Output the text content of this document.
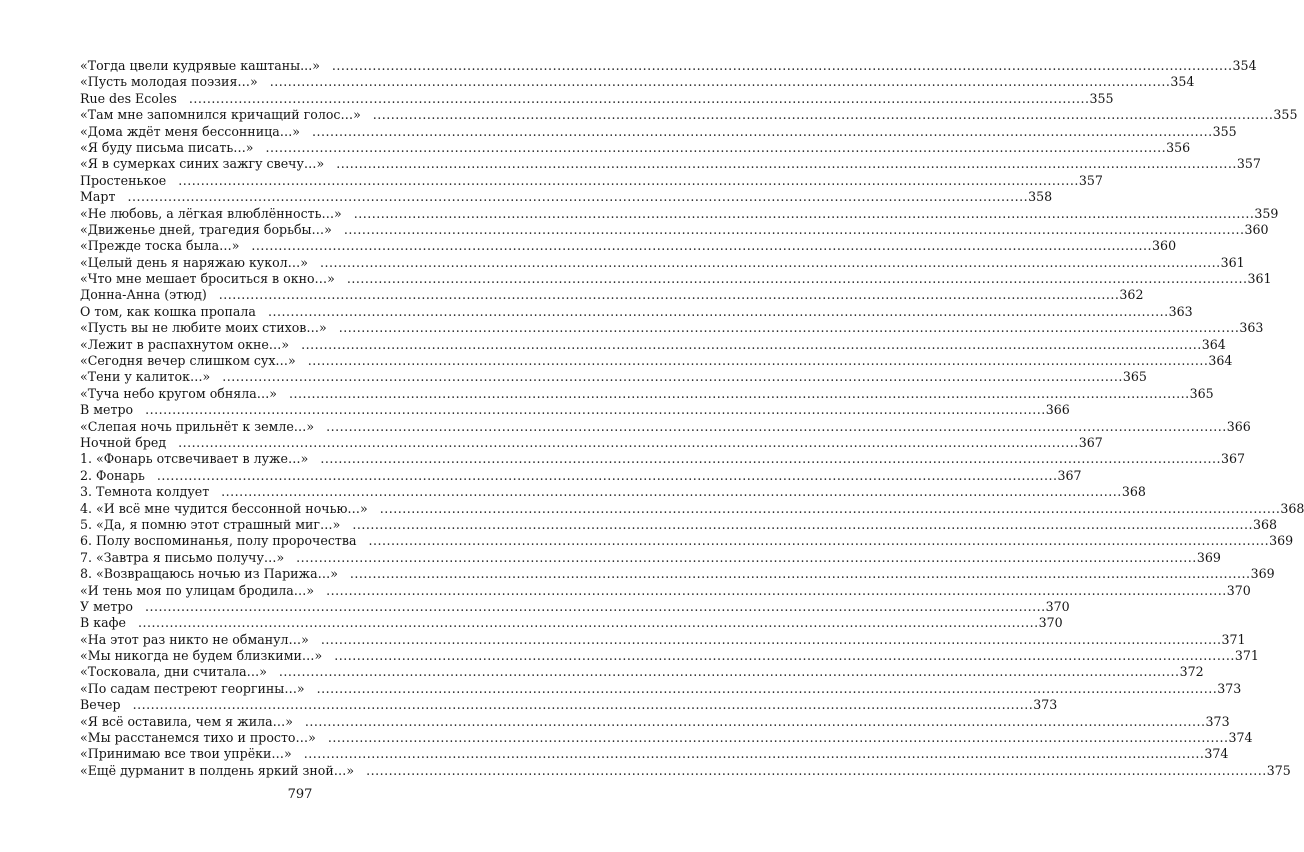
«Тогда цвели кудрявые каштаны...» ........................................................................................................................................................................................................ 354
«Пусть молодая поэзия…» ........................................................................................................................................................................................................ 354
Rue des Ecoles ........................................................................................................................................................................................................ 355
«Там мне запомнился кричащий голос…» ........................................................................................................................................................................................................ 355
«Дома ждёт меня бессонница…» ........................................................................................................................................................................................................ 355
«Я буду письма писать…» ........................................................................................................................................................................................................ 356
«Я в сумерках синих зажгу свечу…» ........................................................................................................................................................................................................ 357
Простенькое ........................................................................................................................................................................................................ 357
Март ........................................................................................................................................................................................................ 358
«Не любовь, а лёгкая влюблённость…» ........................................................................................................................................................................................................ 359
«Движенье дней, трагедия борьбы…» ........................................................................................................................................................................................................ 360
«Прежде тоска была…» ........................................................................................................................................................................................................ 360
«Целый день я наряжаю кукол…» ........................................................................................................................................................................................................ 361
«Что мне мешает броситься в окно…» ........................................................................................................................................................................................................ 361
Донна-Анна (этюд) ........................................................................................................................................................................................................ 362
О том, как кошка пропала ........................................................................................................................................................................................................ 363
«Пусть вы не любите моих стихов…» ........................................................................................................................................................................................................ 363
«Лежит в распахнутом окне…» ........................................................................................................................................................................................................ 364
«Сегодня вечер слишком сух…» ........................................................................................................................................................................................................ 364
«Тени у калиток…» ........................................................................................................................................................................................................ 365
«Туча небо кругом обняла…» ........................................................................................................................................................................................................ 365
В метро ........................................................................................................................................................................................................ 366
«Слепая ночь прильнёт к земле…» ........................................................................................................................................................................................................ 366
Ночной бред ........................................................................................................................................................................................................ 367
1. «Фонарь отсвечивает в луже…» ........................................................................................................................................................................................................ 367
2. Фонарь ........................................................................................................................................................................................................ 367
3. Темнота колдует ........................................................................................................................................................................................................ 368
4. «И всё мне чудится бессонной ночью…» ........................................................................................................................................................................................................ 368
5. «Да, я помню этот страшный миг…» ........................................................................................................................................................................................................ 368
6. Полу воспоминанья, полу пророчества ........................................................................................................................................................................................................ 369
7. «Завтра я письмо получу…» ........................................................................................................................................................................................................ 369
8. «Возвращаюсь ночью из Парижа…» ........................................................................................................................................................................................................ 369
«И тень моя по улицам бродила…» ........................................................................................................................................................................................................ 370
У метро ........................................................................................................................................................................................................ 370
В кафе ........................................................................................................................................................................................................ 370
«На этот раз никто не обманул…» ........................................................................................................................................................................................................ 371
«Мы никогда не будем близкими…» ........................................................................................................................................................................................................ 371
«Тосковала, дни считала…» ........................................................................................................................................................................................................ 372
«По садам пестреют георгины…» ........................................................................................................................................................................................................ 373
Вечер ........................................................................................................................................................................................................ 373
«Я всё оставила, чем я жила…» ........................................................................................................................................................................................................ 373
«Мы расстанемся тихо и просто…» ........................................................................................................................................................................................................ 374
«Принимаю все твои упрёки…» ........................................................................................................................................................................................................ 374
«Ещё дурманит в полдень яркий зной…» ........................................................................................................................................................................................................ 375
797
